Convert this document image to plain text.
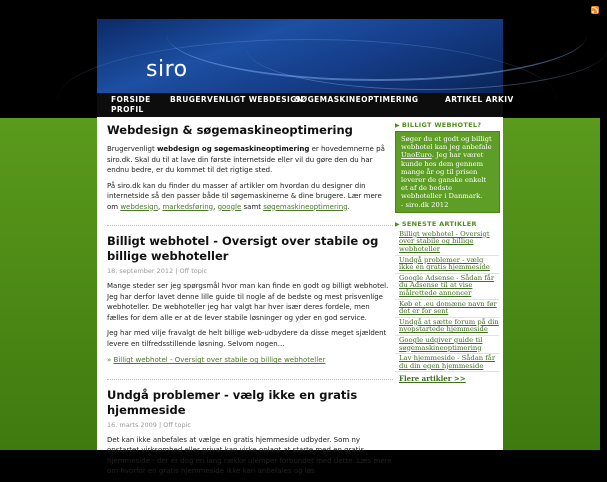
siro
FORSIDE
PROFIL
BRUGERVENLIGT WEBDESIGN
SØGEMASKINEOPTIMERING	ARTIKEL ARKIV
Webdesign & søgemaskineoptimering

Brugervenligt webdesign og søgemaskineoptimering er hovedemnerne på siro.dk. Skal du til at lave din første internetside eller vil du gøre den du har endnu bedre, er du kommet til det rigtige sted.

På siro.dk kan du finder du masser af artikler om hvordan du designer din internetside så den passer både til søgemaskinerne & dine brugere. Lær mere om webdesign, markedsføring, google samt søgemaskineoptimering.

Billigt webhotel - Oversigt over stabile og billige webhoteller
18. september 2012 | Off topic

Mange steder ser jeg spørgsmål hvor man kan finde en godt og billigt webhotel. Jeg har derfor lavet denne lille guide til nogle af de bedste og mest prisvenlige webhoteller. De webhoteller jeg har valgt har hver især deres fordele, men fælles for dem alle er at de lever stabile løsninger og yder en god service.

Jeg har med vilje fravalgt de helt billige web-udbydere da disse meget sjældent levere en tilfredsstillende løsning. Selvom nogen...

» Billigt webhotel - Oversigt over stabile og billige webhoteller

Undgå problemer - vælg ikke en gratis hjemmeside
16. marts 2009 | Off topic

Det kan ikke anbefales at vælge en gratis hjemmeside udbyder. Som ny opstartet virksomhed eller privat kan virke oplagt at starte med en gratis hjemmeside - der er dog en lang række ulemper forbundet med dette. Læs mere om hvorfor en gratis hjemmeside ikke kan anbefales og løs

▶ BILLIGT WEBHOTEL?
Søger du et godt og billigt webhotel kan jeg anbefale UnoEuro. Jeg har været kunde hos dem gennem mange år og til prisen leverer de ganske enkelt et af de bedste webhoteller i Danmark.
- siro.dk 2012
▶ SENESTE ARTIKLER
Billigt webhotel - Oversigt over stabile og billige webhoteller
Undgå problemer - vælg ikke en gratis hjemmeside
Google Adsense - Sådan får du Adsense til at vise målrettede annoncer
Køb et .eu domæne navn før det er for sent
Undgå at sætte forum på din nyopstartede hjemmeside
Google udgiver guide til søgemaskineoptimering
Lav hjemmeside - Sådan får du din egen hjemmeside
Flere artikler >>
